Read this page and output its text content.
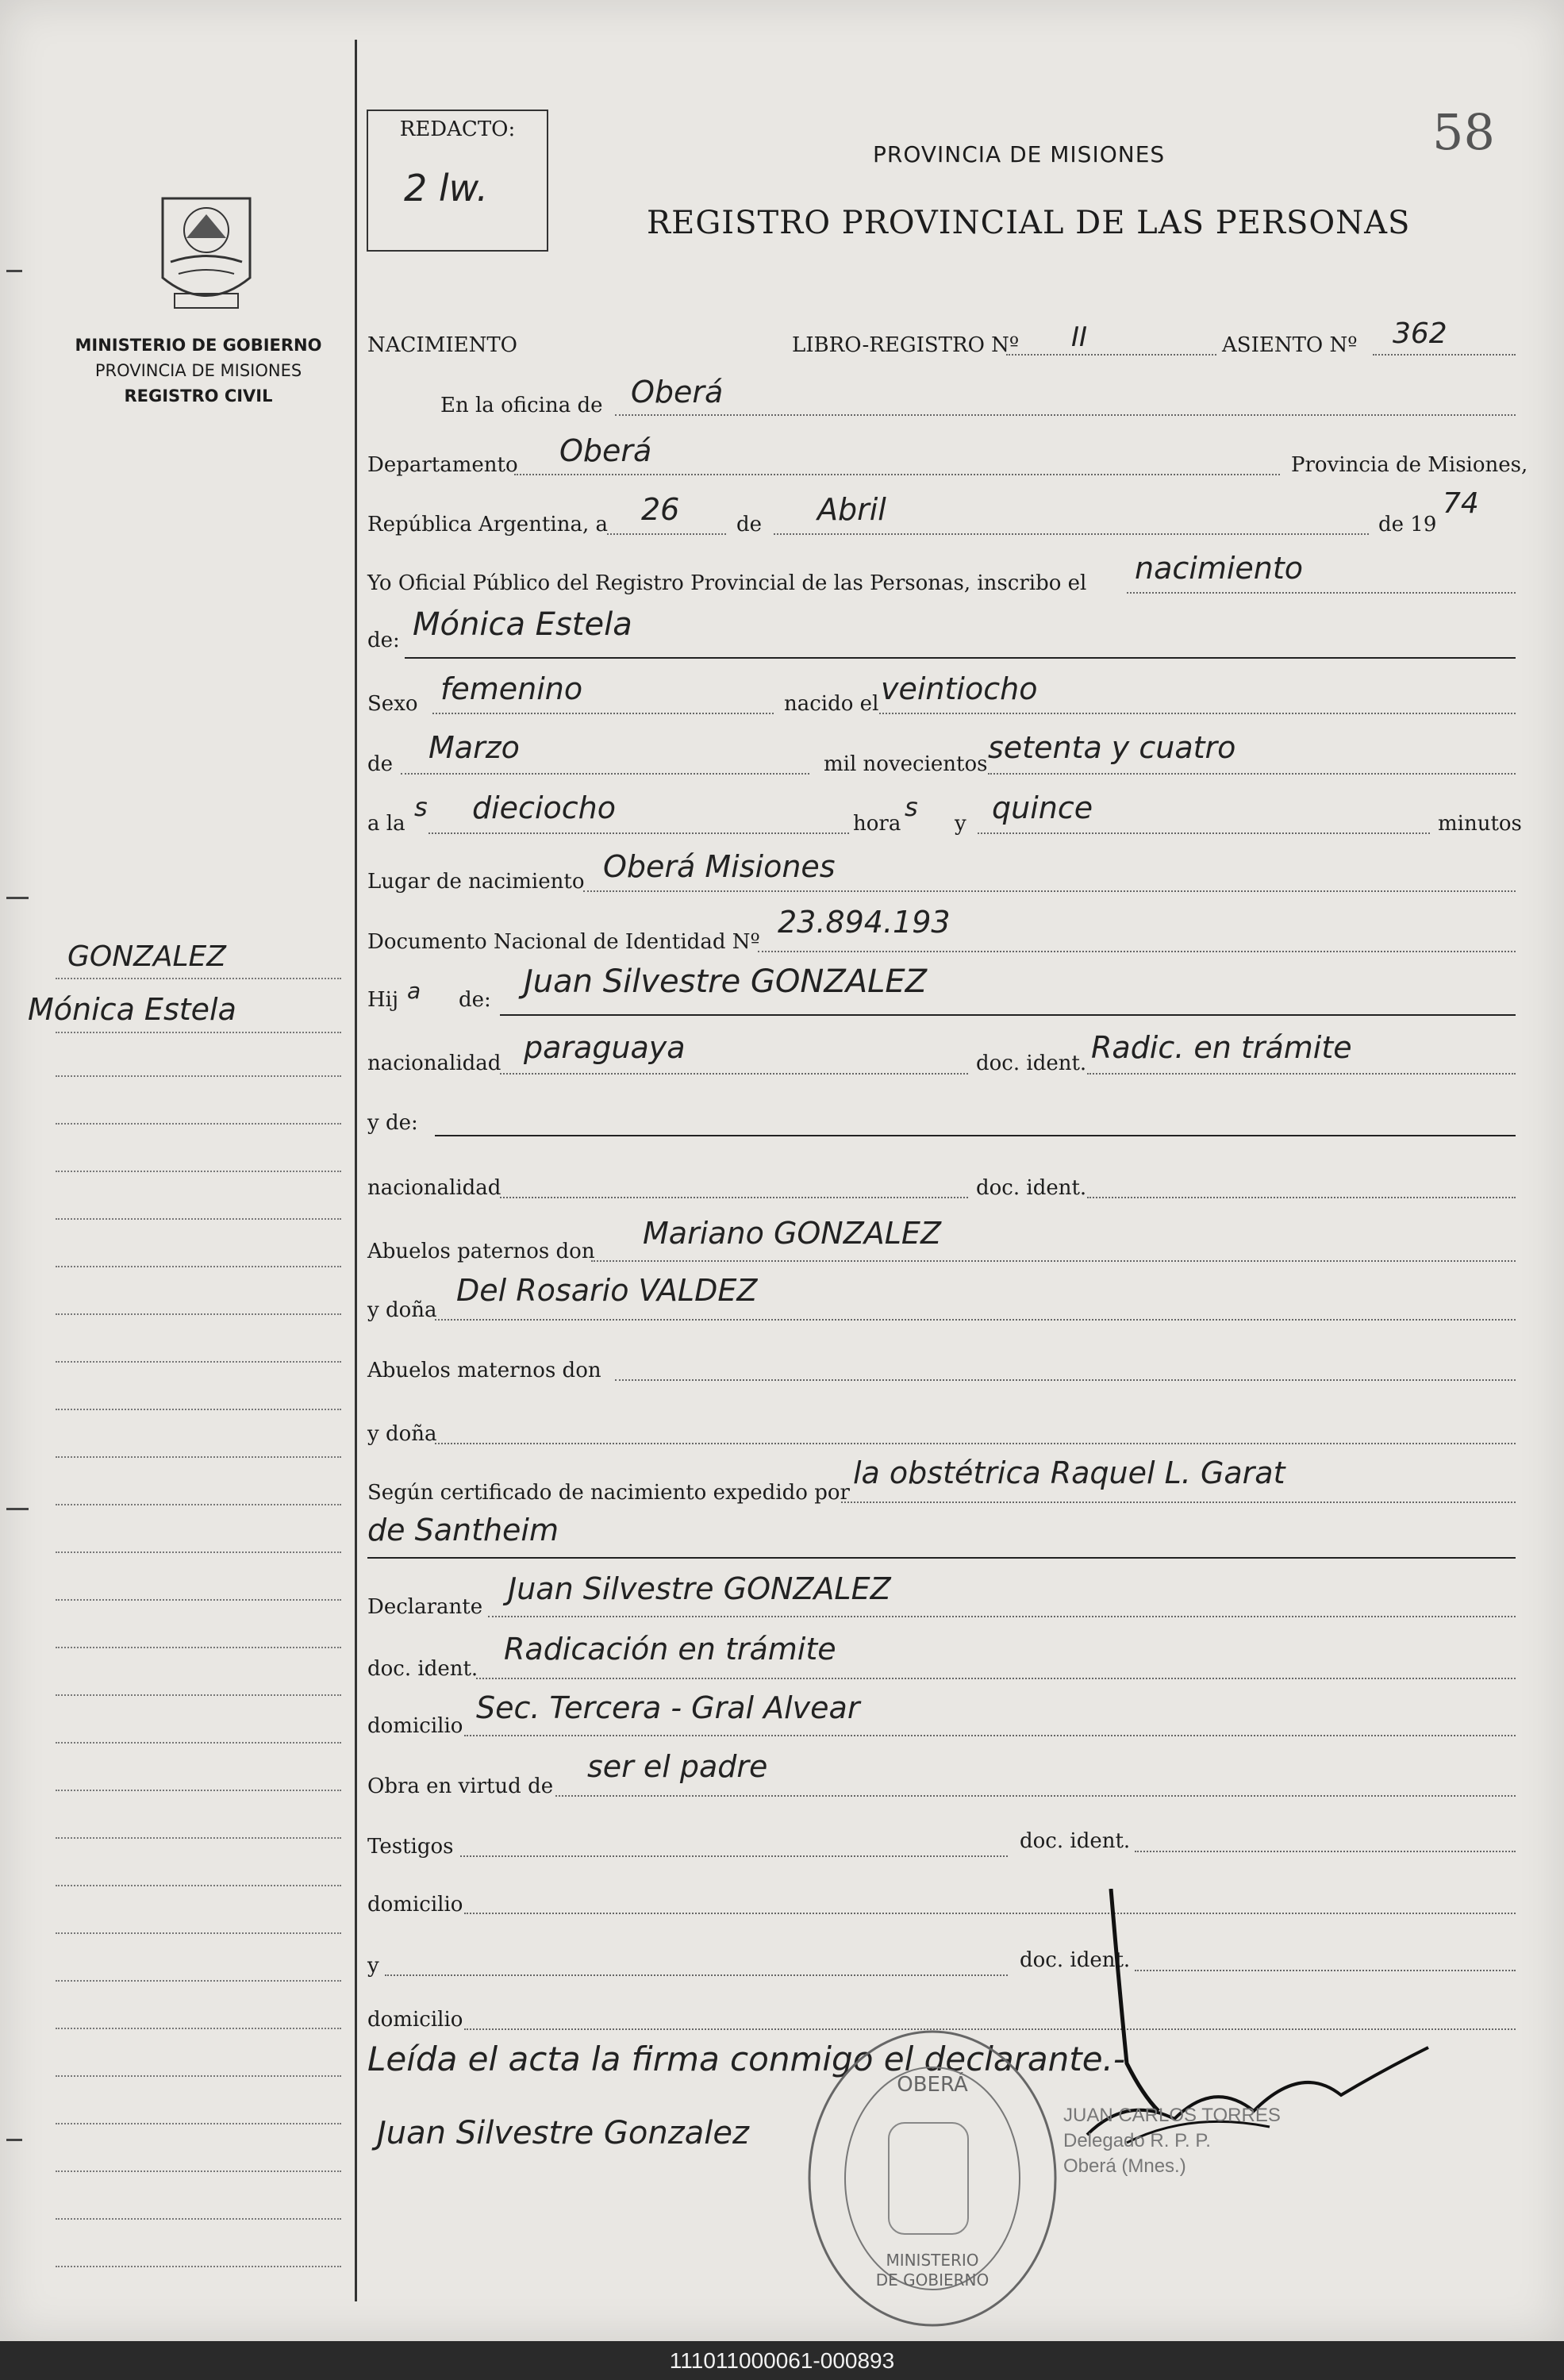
58
REDACTO:
2 lw.
PROVINCIA DE MISIONES
REGISTRO PROVINCIAL DE LAS PERSONAS
MINISTERIO DE GOBIERNO
PROVINCIA DE MISIONES
REGISTRO CIVIL
GONZALEZ
Mónica Estela
NACIMIENTO	LIBRO-REGISTRO Nº II	ASIENTO Nº 362
En la oficina de Oberá
Departamento Oberá	Provincia de Misiones,
República Argentina, a 26	de Abril	de 19
74
Yo Oficial Público del Registro Provincial de las Personas, inscribo el nacimiento
de: Mónica Estela
Sexo femenino	nacido el veintiocho
de Marzo	mil novecientos setenta y cuatro
a la
s dieciocho	hora
s
y quince	minutos
Lugar de nacimiento Oberá Misiones
Documento Nacional de Identidad Nº
23.894.193
Hij a de: Juan Silvestre GONZALEZ
nacionalidad paraguaya	doc. ident. Radic. en trámite
y de:
nacionalidad	doc. ident.
Abuelos paternos don
Mariano GONZALEZ
y doña
Del Rosario VALDEZ
Abuelos maternos don
y doña
Según certificado de nacimiento expedido por
la obstétrica Raquel L. Garat
de Santheim
Declarante
Juan Silvestre GONZALEZ
doc. ident.
Radicación en trámite
domicilio
Sec. Tercera - Gral Alvear
Obra en virtud de
ser el padre
Testigos	doc. ident.
domicilio
y	doc. ident.
domicilio
Leída el acta la firma conmigo el declarante.-
Juan Silvestre Gonzalez
OBERÁ
MINISTERIO
DE GOBIERNO
JUAN CARLOS TORRES
Delegado R. P. P.
Oberá (Mnes.)
111011000061-000893
